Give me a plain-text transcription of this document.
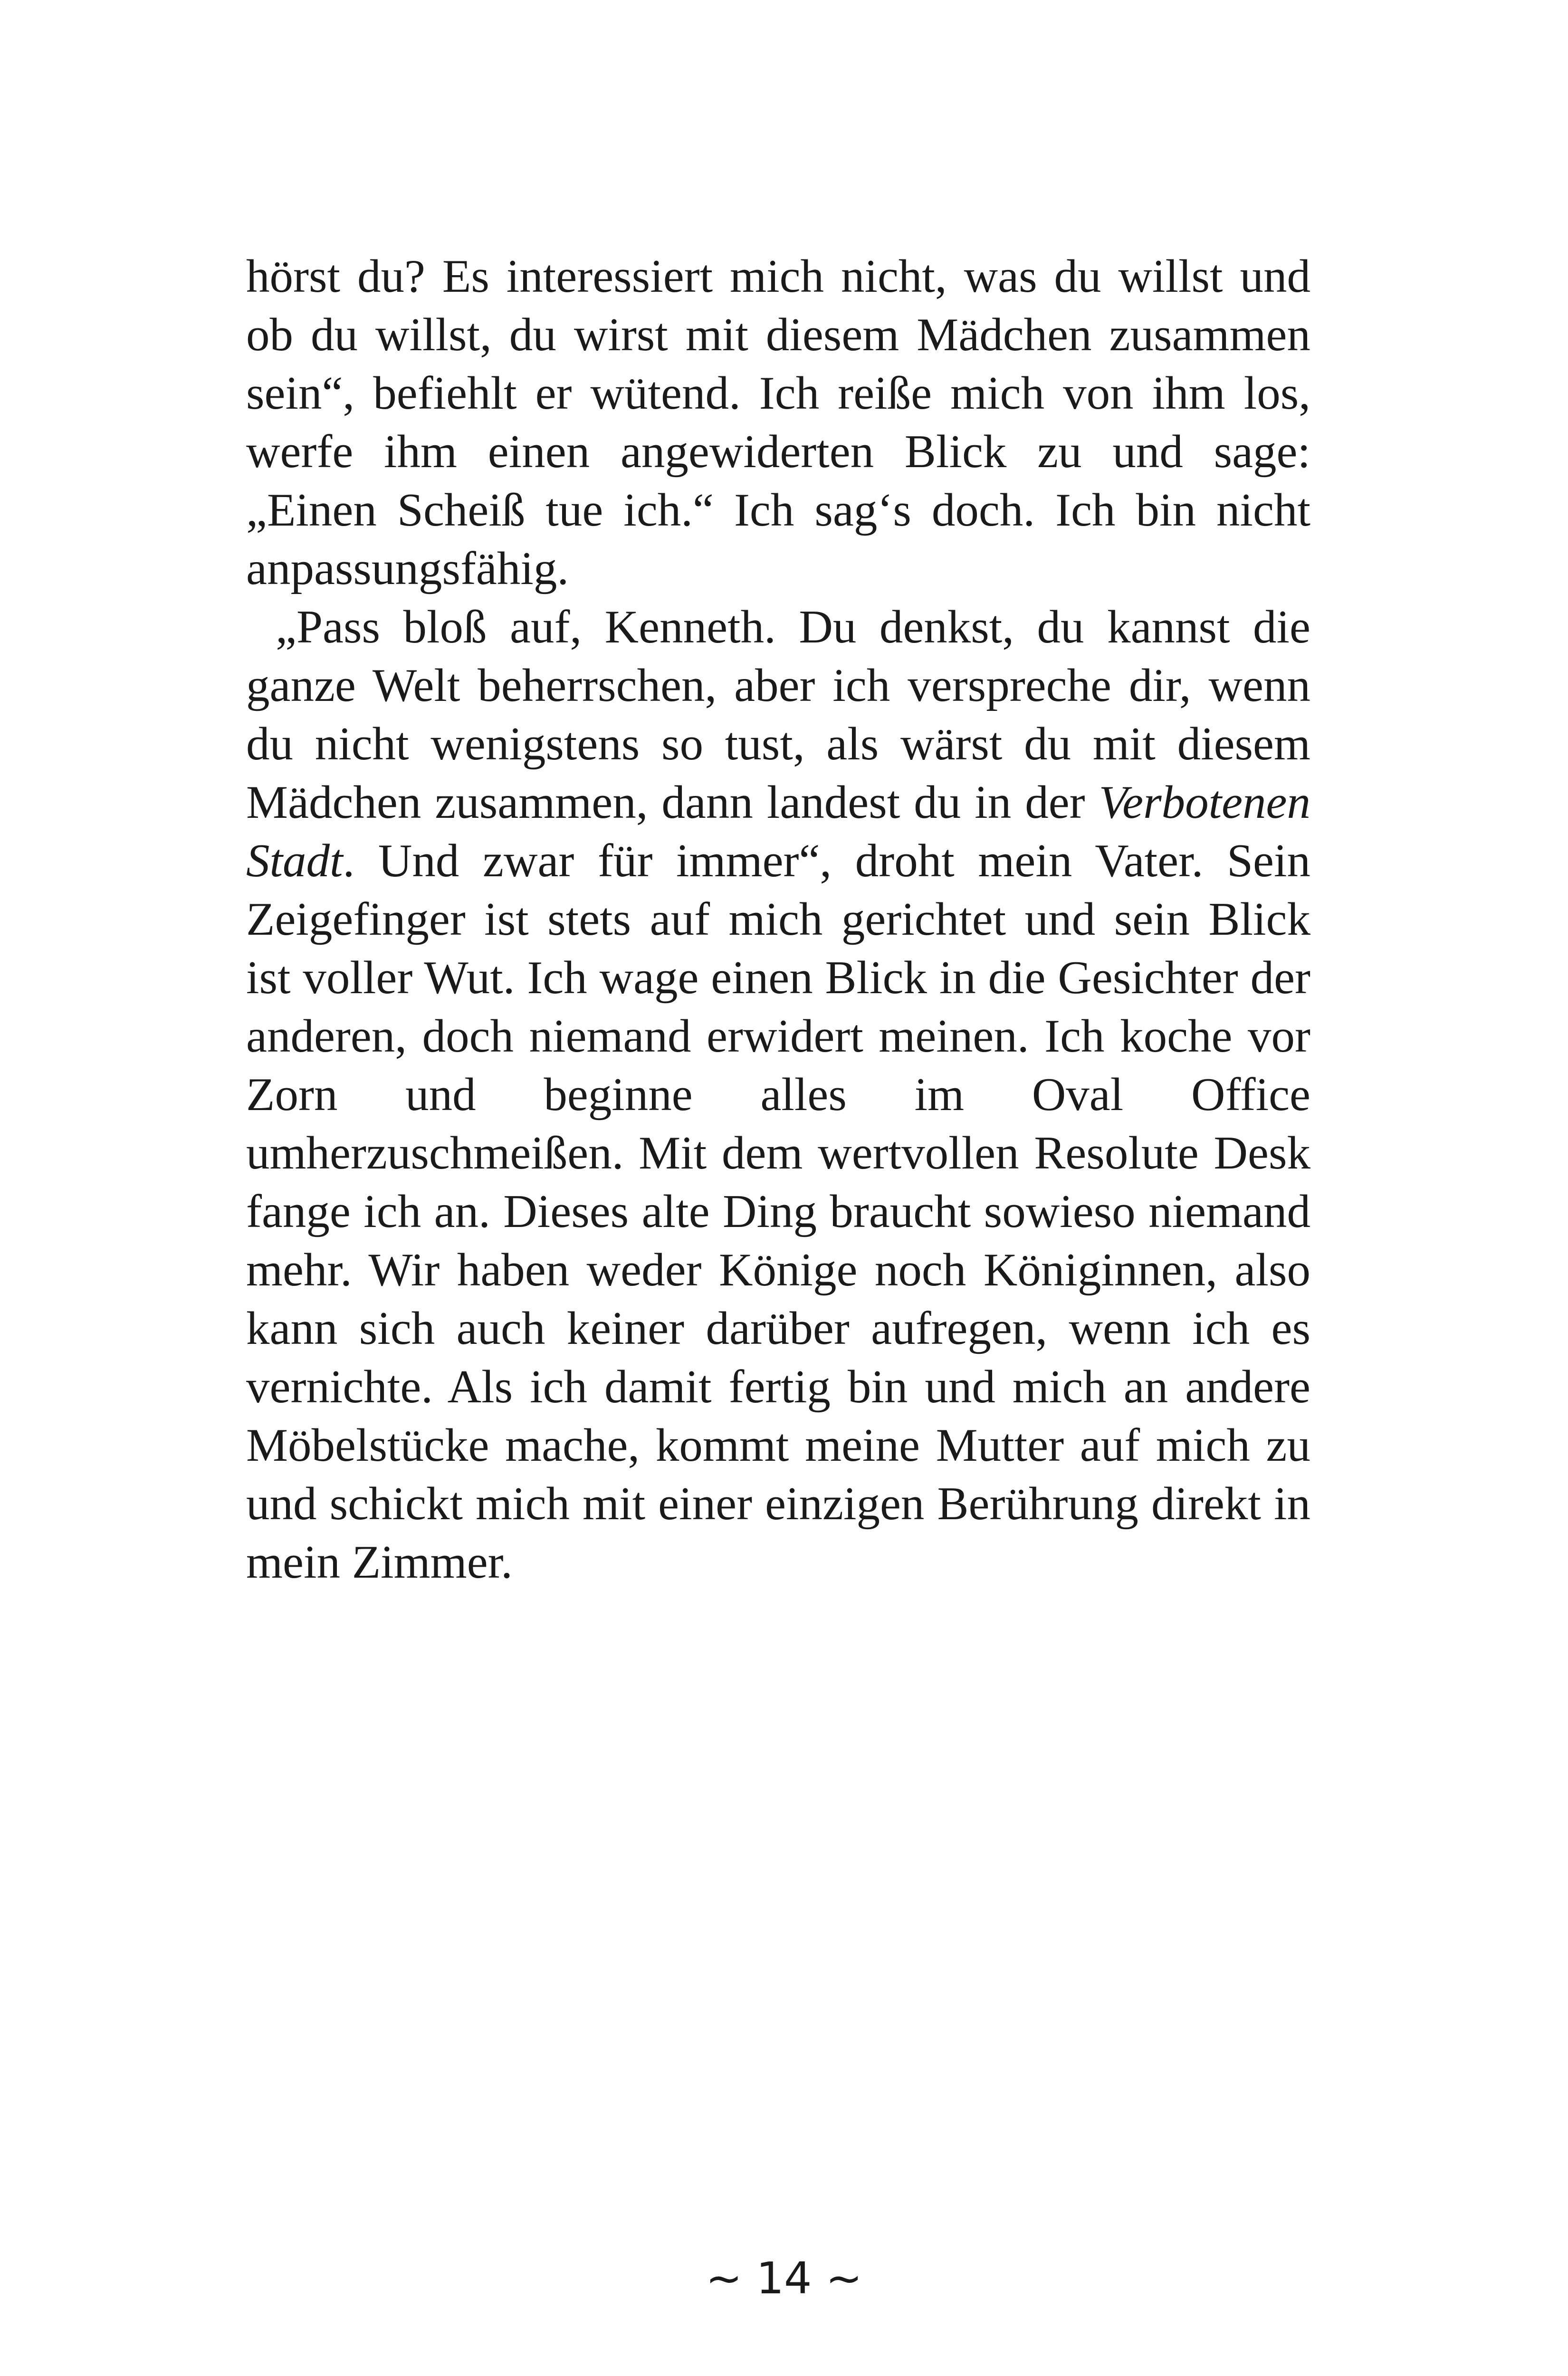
hörst du? Es interessiert mich nicht, was du willst und ob du willst, du wirst mit diesem Mädchen zusammen sein“, befiehlt er wütend. Ich reiße mich von ihm los, werfe ihm einen angewiderten Blick zu und sage: „Einen Scheiß tue ich.“ Ich sag‘s doch. Ich bin nicht anpassungsfähig.

„Pass bloß auf, Kenneth. Du denkst, du kannst die ganze Welt beherrschen, aber ich verspreche dir, wenn du nicht wenigstens so tust, als wärst du mit diesem Mädchen zusammen, dann landest du in der Verbotenen Stadt. Und zwar für immer“, droht mein Vater. Sein Zeigefinger ist stets auf mich gerichtet und sein Blick ist voller Wut. Ich wage einen Blick in die Gesichter der anderen, doch niemand erwidert meinen. Ich koche vor Zorn und beginne alles im Oval Office umherzuschmeißen. Mit dem wertvollen Resolute Desk fange ich an. Dieses alte Ding braucht sowieso niemand mehr. Wir haben weder Könige noch Königinnen, also kann sich auch keiner darüber aufregen, wenn ich es vernichte. Als ich damit fertig bin und mich an andere Möbelstücke mache, kommt meine Mutter auf mich zu und schickt mich mit einer einzigen Berührung direkt in mein Zimmer.

~ 14 ~
